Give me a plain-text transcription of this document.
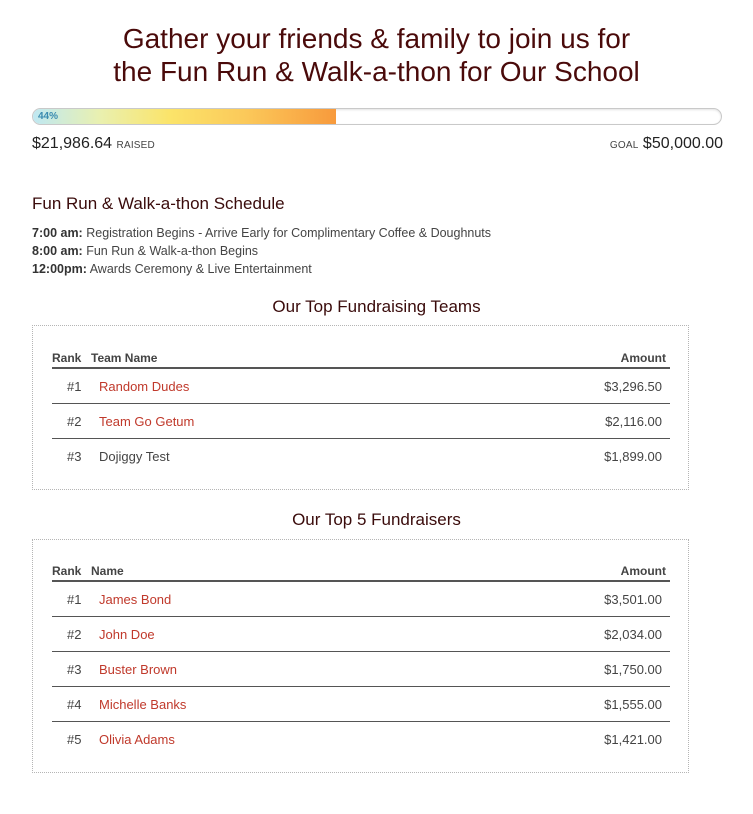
Gather your friends & family to join us for
the Fun Run & Walk-a-thon for Our School
44%
$21,986.64 RAISED	GOAL $50,000.00
Fun Run & Walk-a-thon Schedule
7:00 am: Registration Begins - Arrive Early for Complimentary Coffee & Doughnuts
8:00 am: Fun Run & Walk-a-thon Begins
12:00pm: Awards Ceremony & Live Entertainment
Our Top Fundraising Teams
Rank Team Name	Amount
#1 Random Dudes	$3,296.50
#2 Team Go Getum	$2,116.00
#3 Dojiggy Test	$1,899.00
Our Top 5 Fundraisers
Rank Name	Amount
#1 James Bond	$3,501.00
#2 John Doe	$2,034.00
#3 Buster Brown	$1,750.00
#4 Michelle Banks	$1,555.00
#5 Olivia Adams	$1,421.00
